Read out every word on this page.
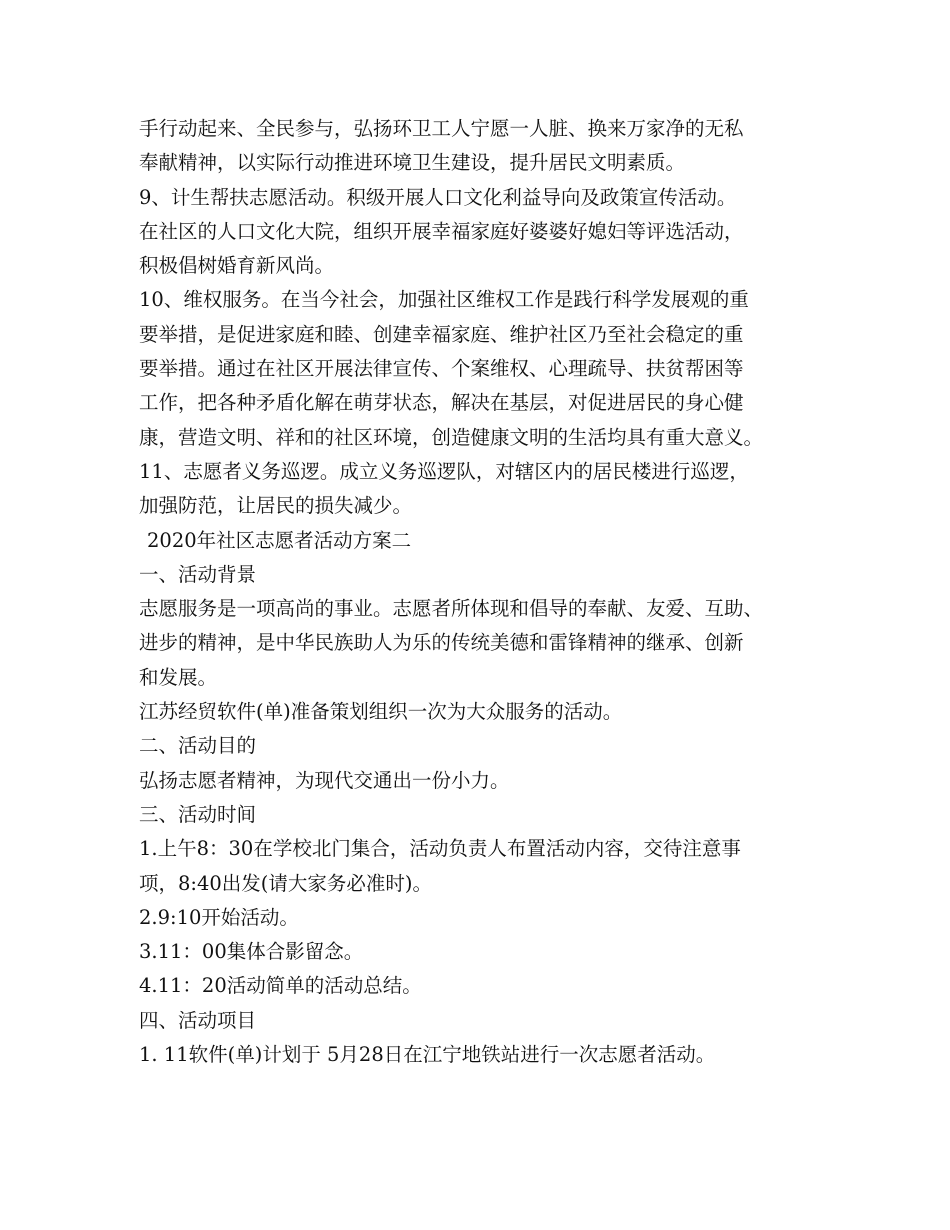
手行动起来、全民参与，弘扬环卫工人宁愿一人脏、换来万家净的无私
奉献精神，以实际行动推进环境卫生建设，提升居民文明素质。
9、计生帮扶志愿活动。积级开展人口文化利益导向及政策宣传活动。
在社区的人口文化大院，组织开展幸福家庭好婆婆好媳妇等评选活动，
积极倡树婚育新风尚。
10、维权服务。在当今社会，加强社区维权工作是践行科学发展观的重
要举措，是促进家庭和睦、创建幸福家庭、维护社区乃至社会稳定的重
要举措。通过在社区开展法律宣传、个案维权、心理疏导、扶贫帮困等
工作，把各种矛盾化解在萌芽状态，解决在基层，对促进居民的身心健
康，营造文明、祥和的社区环境，创造健康文明的生活均具有重大意义。
11、志愿者义务巡逻。成立义务巡逻队，对辖区内的居民楼进行巡逻，
加强防范，让居民的损失减少。
2020年社区志愿者活动方案二
一、活动背景
志愿服务是一项高尚的事业。志愿者所体现和倡导的奉献、友爱、互助、
进步的精神，是中华民族助人为乐的传统美德和雷锋精神的继承、创新
和发展。
江苏经贸软件(单)准备策划组织一次为大众服务的活动。
二、活动目的
弘扬志愿者精神，为现代交通出一份小力。
三、活动时间
1.上午8：30在学校北门集合，活动负责人布置活动内容，交待注意事
项，8:40出发(请大家务必准时)。
2.9:10开始活动。
3.11：00集体合影留念。
4.11：20活动简单的活动总结。
四、活动项目
1. 11软件(单)计划于 5月28日在江宁地铁站进行一次志愿者活动。
